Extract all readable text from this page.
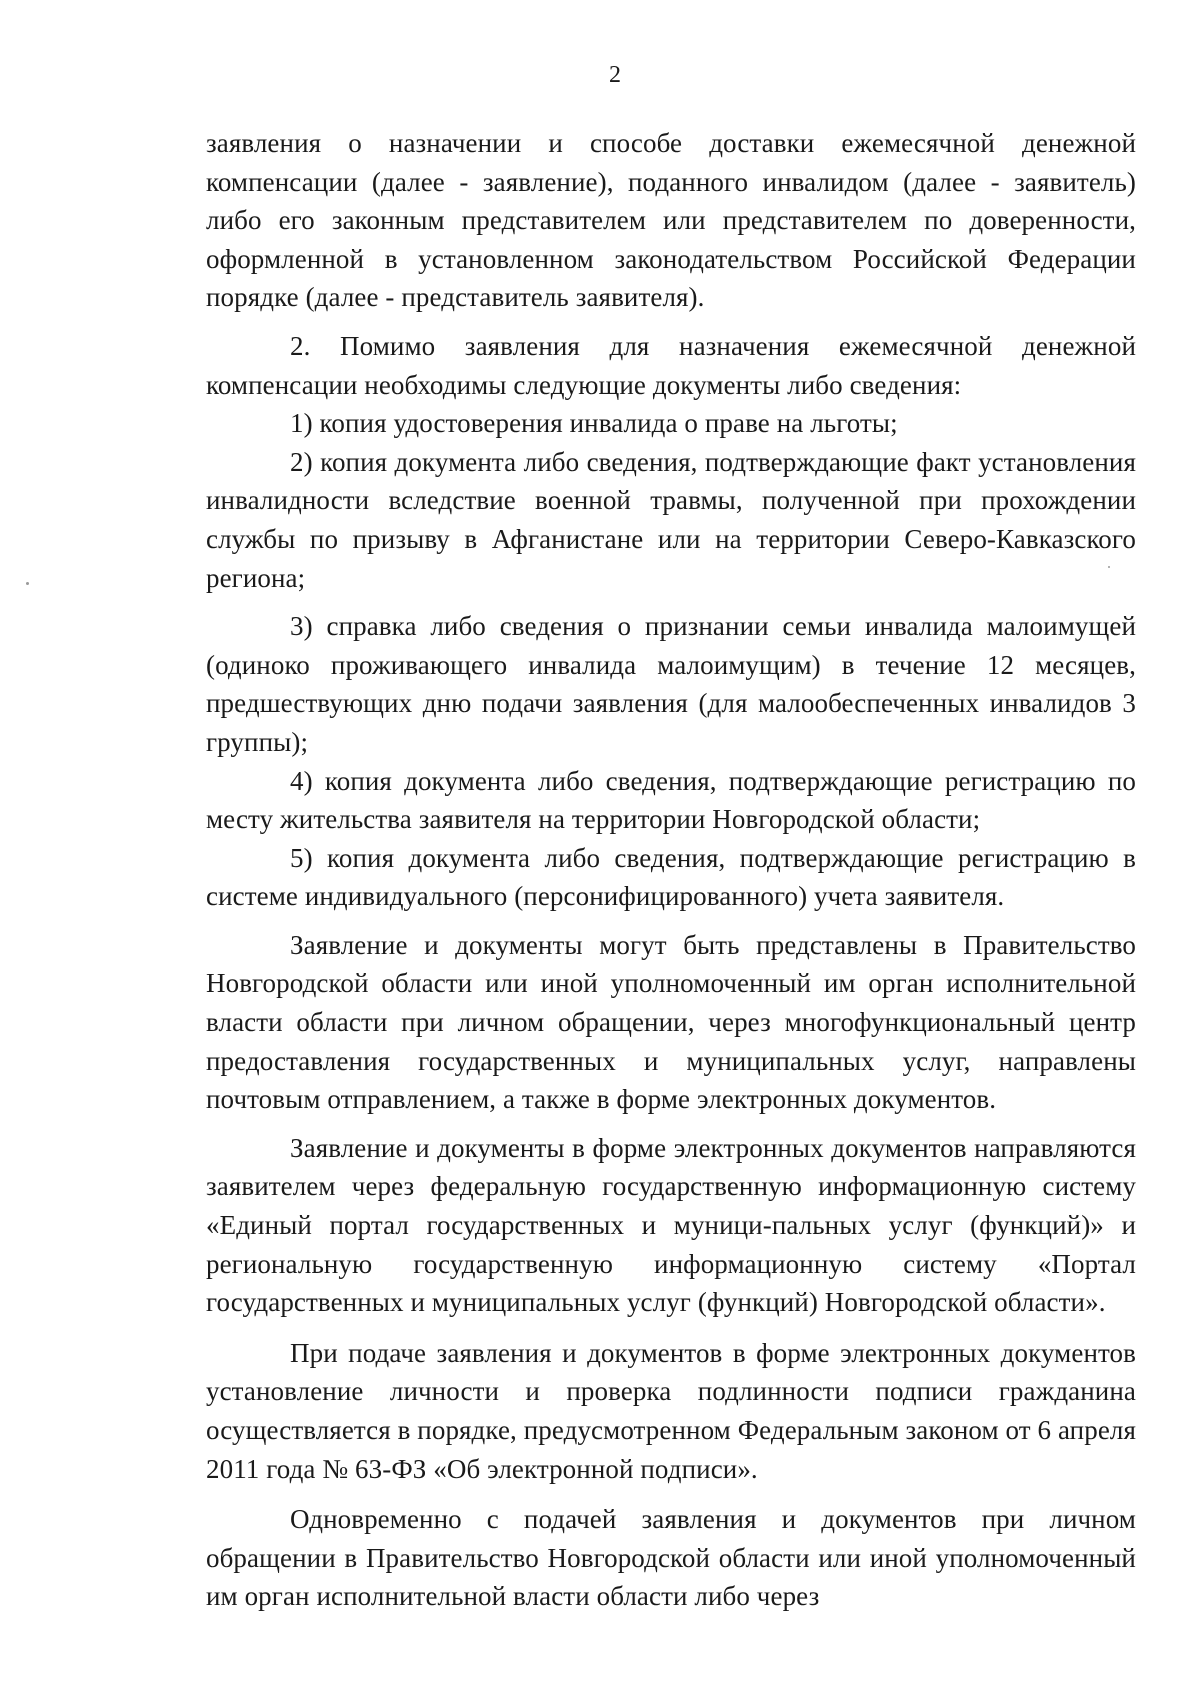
2

заявления о назначении и способе доставки ежемесячной денежной компенсации (далее - заявление), поданного инвалидом (далее - заявитель) либо его законным представителем или представителем по доверенности, оформленной в установленном законодательством Российской Федерации порядке (далее - представитель заявителя).

2. Помимо заявления для назначения ежемесячной денежной компенсации необходимы следующие документы либо сведения:

1) копия удостоверения инвалида о праве на льготы;

2) копия документа либо сведения, подтверждающие факт установления инвалидности вследствие военной травмы, полученной при прохождении службы по призыву в Афганистане или на территории Северо-Кавказского региона;

3) справка либо сведения о признании семьи инвалида малоимущей (одиноко проживающего инвалида малоимущим) в течение 12 месяцев, предшествующих дню подачи заявления (для малообеспеченных инвалидов 3 группы);

4) копия документа либо сведения, подтверждающие регистрацию по месту жительства заявителя на территории Новгородской области;

5) копия документа либо сведения, подтверждающие регистрацию в системе индивидуального (персонифицированного) учета заявителя.

Заявление и документы могут быть представлены в Правительство Новгородской области или иной уполномоченный им орган исполнительной власти области при личном обращении, через многофункциональный центр предоставления государственных и муниципальных услуг, направлены почтовым отправлением, а также в форме электронных документов.

Заявление и документы в форме электронных документов направляются заявителем через федеральную государственную информационную систему «Единый портал государственных и муници-пальных услуг (функций)» и региональную государственную информационную систему «Портал государственных и муниципальных услуг (функций) Новгородской области».

При подаче заявления и документов в форме электронных документов установление личности и проверка подлинности подписи гражданина осуществляется в порядке, предусмотренном Федеральным законом от 6 апреля 2011 года № 63-ФЗ «Об электронной подписи».

Одновременно с подачей заявления и документов при личном обращении в Правительство Новгородской области или иной уполномоченный им орган исполнительной власти области либо через
